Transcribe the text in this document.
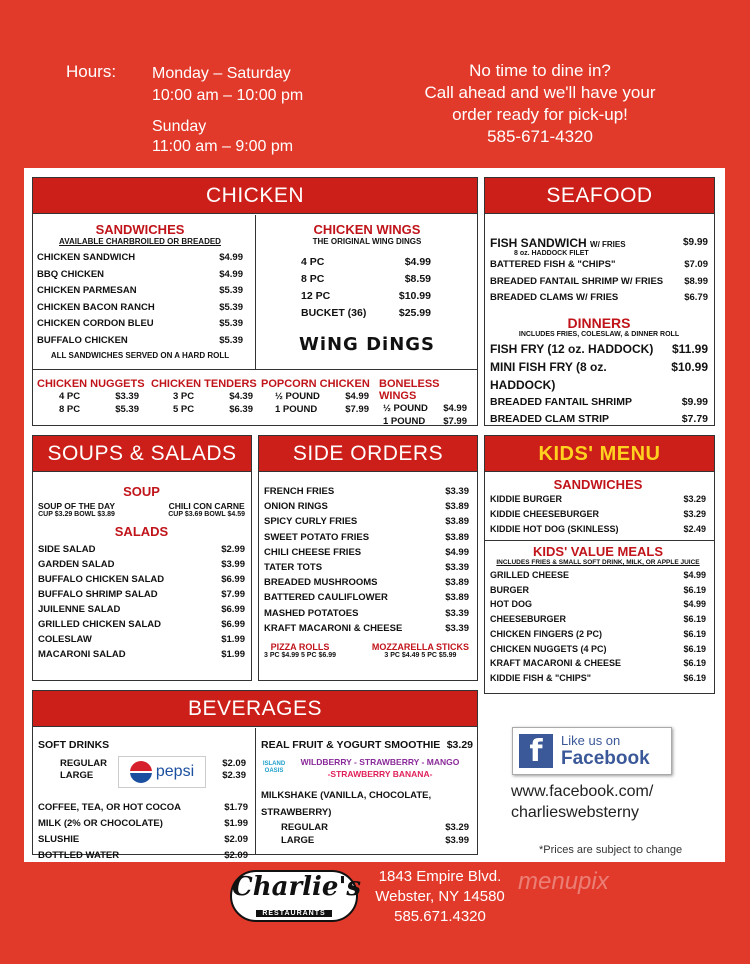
Hours: Monday – Saturday
10:00 am – 10:00 pm
Sunday
11:00 am – 9:00 pm
No time to dine in?
Call ahead and we'll have your
order ready for pick-up!
585-671-4320
CHICKEN
SANDWICHES
AVAILABLE CHARBROILED OR BREADED
CHICKEN SANDWICH	$4.99
BBQ CHICKEN	$4.99
CHICKEN PARMESAN	$5.39
CHICKEN BACON RANCH	$5.39
CHICKEN CORDON BLEU	$5.39
BUFFALO CHICKEN	$5.39
ALL SANDWICHES SERVED ON A HARD ROLL
CHICKEN WINGS
THE ORIGINAL WING DINGS
4 PC	$4.99
8 PC	$8.59
12 PC	$10.99
BUCKET (36)	$25.99
WiNG DiNGS
CHICKEN NUGGETS
4 PC	$3.39
8 PC	$5.39
CHICKEN TENDERS
3 PC	$4.39
5 PC	$6.39
POPCORN CHICKEN
½ POUND	$4.99
1 POUND	$7.99
BONELESS WINGS
½ POUND $4.99
1 POUND $7.99
SEAFOOD
FISH SANDWICH W/ FRIES	$9.99
8 oz. HADDOCK FILET
BATTERED FISH & "CHIPS"	$7.09
BREADED FANTAIL SHRIMP W/ FRIES $8.99
BREADED CLAMS W/ FRIES	$6.79
DINNERS
INCLUDES FRIES, COLESLAW, & DINNER ROLL
FISH FRY (12 oz. HADDOCK) $11.99
MINI FISH FRY (8 oz. HADDOCK)
$10.99
BREADED FANTAIL SHRIMP	$9.99
BREADED CLAM STRIP	$7.79
SOUPS & SALADS
SOUP
SOUP OF THE DAY
CUP $3.29 BOWL $3.89
CHILI CON CARNE
CUP $3.69 BOWL $4.59
SALADS
SIDE SALAD	$2.99
GARDEN SALAD	$3.99
BUFFALO CHICKEN SALAD	$6.99
BUFFALO SHRIMP SALAD	$7.99
JUILENNE SALAD	$6.99
GRILLED CHICKEN SALAD	$6.99
COLESLAW	$1.99
MACARONI SALAD	$1.99
SIDE ORDERS
FRENCH FRIES	$3.39
ONION RINGS	$3.89
SPICY CURLY FRIES	$3.89
SWEET POTATO FRIES	$3.89
CHILI CHEESE FRIES	$4.99
TATER TOTS	$3.39
BREADED MUSHROOMS	$3.89
BATTERED CAULIFLOWER	$3.89
MASHED POTATOES	$3.39
KRAFT MACARONI & CHEESE	$3.39
PIZZA ROLLS
3 PC $4.99 5 PC $6.99
MOZZARELLA STICKS
3 PC $4.49 5 PC $5.99
KIDS' MENU
SANDWICHES
KIDDIE BURGER	$3.29
KIDDIE CHEESEBURGER	$3.29
KIDDIE HOT DOG (SKINLESS)	$2.49
KIDS' VALUE MEALS
INCLUDES FRIES & SMALL SOFT DRINK, MILK, OR APPLE JUICE
GRILLED CHEESE	$4.99
BURGER	$6.19
HOT DOG	$4.99
CHEESEBURGER	$6.19
CHICKEN FINGERS (2 PC)	$6.19
CHICKEN NUGGETS (4 PC)	$6.19
KRAFT MACARONI & CHEESE	$6.19
KIDDIE FISH & "CHIPS"	$6.19
BEVERAGES
SOFT DRINKS
pepsi
REGULAR	$2.09
LARGE	$2.39
COFFEE, TEA, OR HOT COCOA	$1.79
MILK (2% OR CHOCOLATE)	$1.99
SLUSHIE	$2.09
BOTTLED WATER	$2.09
REAL FRUIT & YOGURT SMOOTHIE $3.29
ISLAND OASIS
WILDBERRY - STRAWBERRY - MANGO
-STRAWBERRY BANANA-
MILKSHAKE (VANILLA, CHOCOLATE, STRAWBERRY)
REGULAR	$3.29
LARGE	$3.99
f	Like us on
Facebook
www.facebook.com/
charlieswebsterny
*Prices are subject to change
Charlie's
RESTAURANTS
1843 Empire Blvd.
Webster, NY 14580
585.671.4320
menupix
